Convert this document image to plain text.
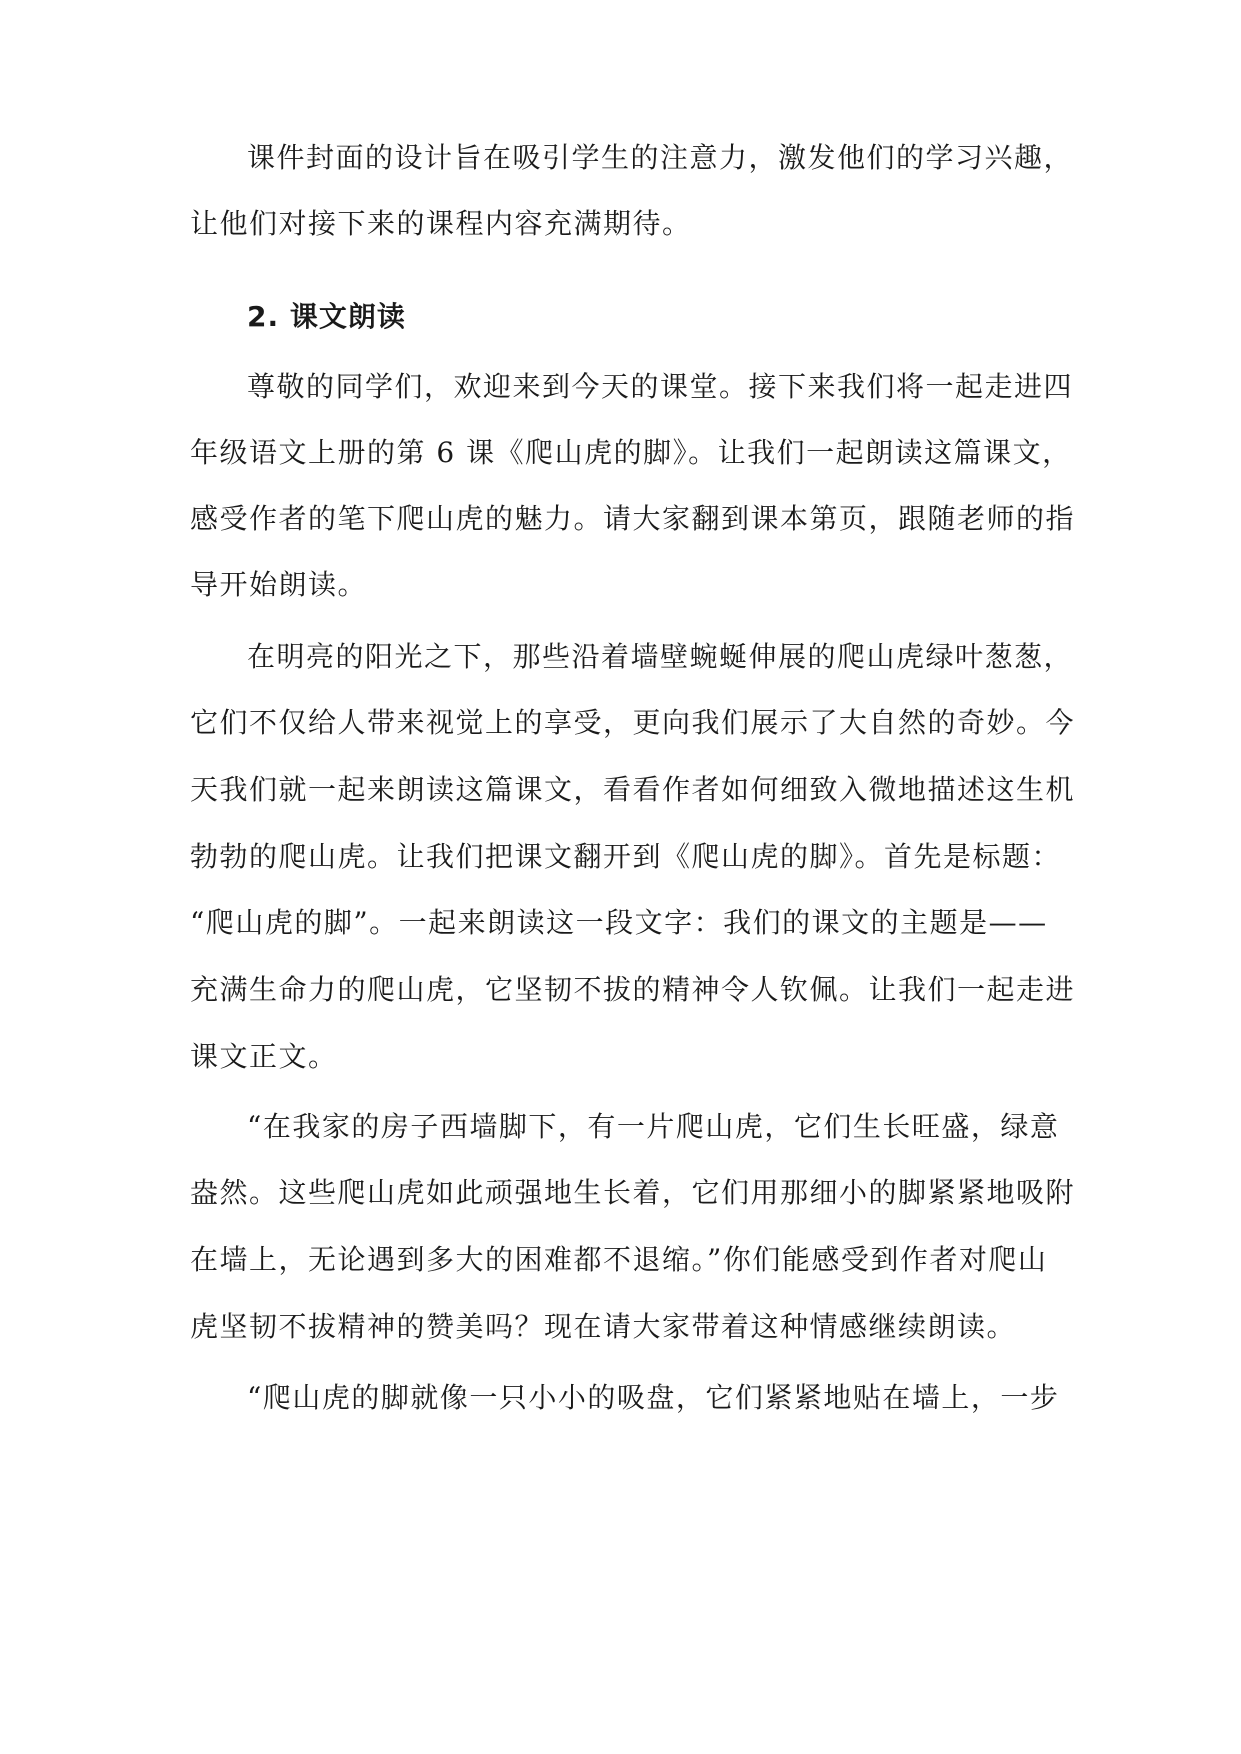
课件封面的设计旨在吸引学生的注意力，激发他们的学习兴趣，
让他们对接下来的课程内容充满期待。
2. 课文朗读
尊敬的同学们，欢迎来到今天的课堂。接下来我们将一起走进四
年级语文上册的第 6 课《爬山虎的脚》。让我们一起朗读这篇课文，
感受作者的笔下爬山虎的魅力。请大家翻到课本第页，跟随老师的指
导开始朗读。
在明亮的阳光之下，那些沿着墙壁蜿蜒伸展的爬山虎绿叶葱葱，
它们不仅给人带来视觉上的享受，更向我们展示了大自然的奇妙。今
天我们就一起来朗读这篇课文，看看作者如何细致入微地描述这生机
勃勃的爬山虎。让我们把课文翻开到《爬山虎的脚》。首先是标题：
“爬山虎的脚”。一起来朗读这一段文字：我们的课文的主题是——
充满生命力的爬山虎，它坚韧不拔的精神令人钦佩。让我们一起走进
课文正文。
“在我家的房子西墙脚下，有一片爬山虎，它们生长旺盛，绿意
盎然。这些爬山虎如此顽强地生长着，它们用那细小的脚紧紧地吸附
在墙上，无论遇到多大的困难都不退缩。”你们能感受到作者对爬山
虎坚韧不拔精神的赞美吗？现在请大家带着这种情感继续朗读。
“爬山虎的脚就像一只小小的吸盘，它们紧紧地贴在墙上，一步
